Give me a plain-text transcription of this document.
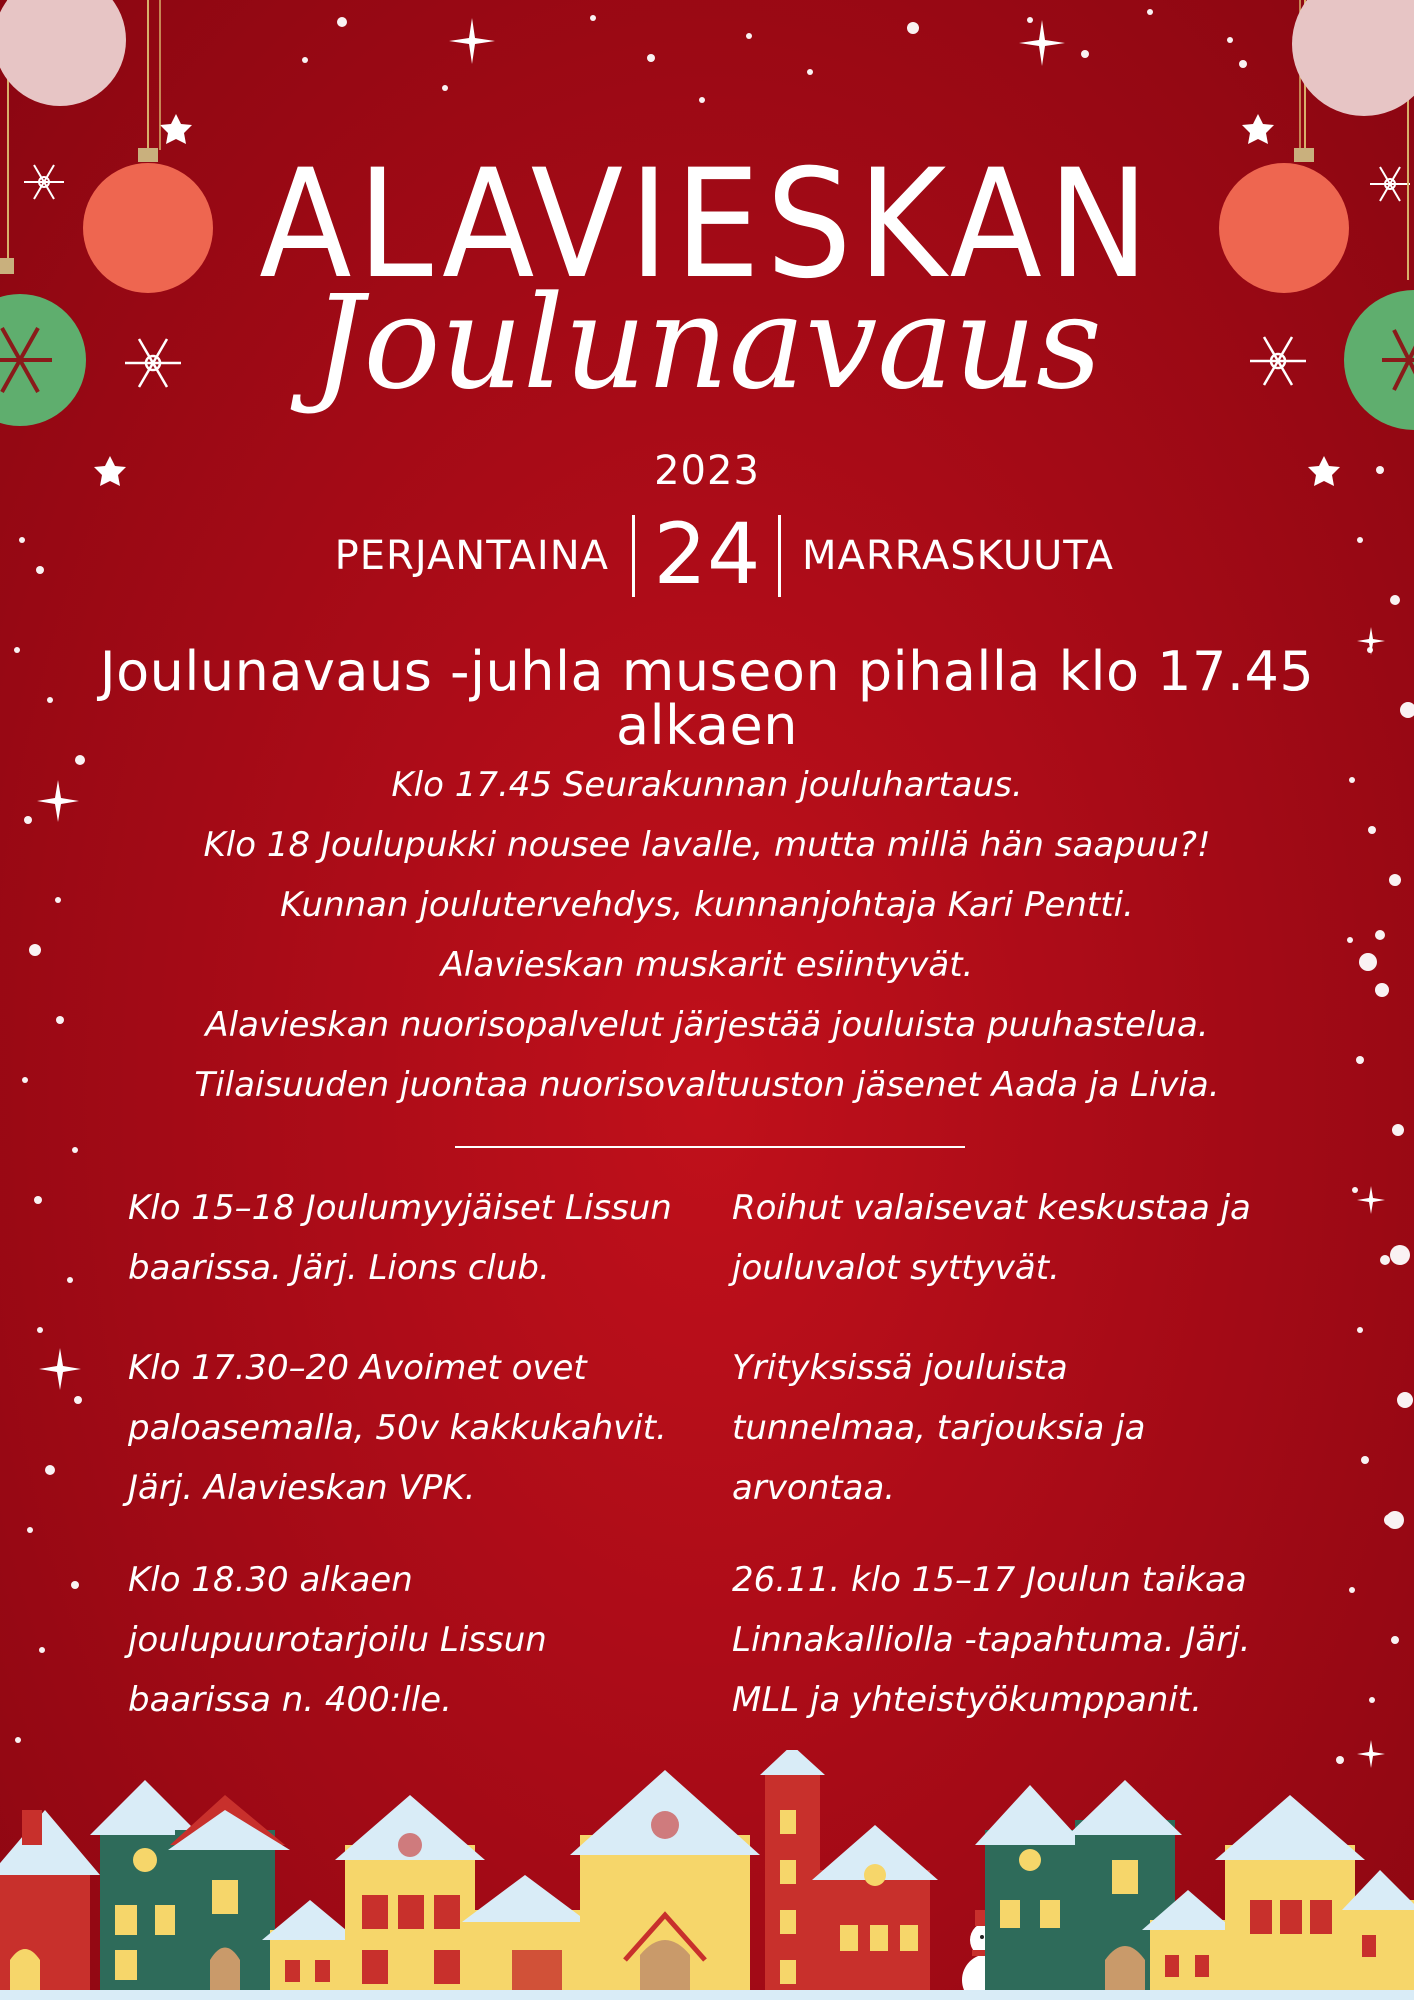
ALAVIESKAN
Joulunavaus
2023
PERJANTAINA 24	MARRASKUUTA
Joulunavaus -juhla museon pihalla klo 17.45 alkaen
Klo 17.45 Seurakunnan jouluhartaus.
Klo 18 Joulupukki nousee lavalle, mutta millä hän saapuu?!
Kunnan joulutervehdys, kunnanjohtaja Kari Pentti.
Alavieskan muskarit esiintyvät.
Alavieskan nuorisopalvelut järjestää jouluista puuhastelua.
Tilaisuuden juontaa nuorisovaltuuston jäsenet Aada ja Livia.
Klo 15–18 Joulumyyjäiset Lissun
baarissa. Järj. Lions club.
Klo 17.30–20 Avoimet ovet
paloasemalla, 50v kakkukahvit.
Järj. Alavieskan VPK.
Klo 18.30 alkaen
joulupuurotarjoilu Lissun
baarissa n. 400:lle.
Roihut valaisevat keskustaa ja
jouluvalot syttyvät.
Yrityksissä jouluista
tunnelmaa, tarjouksia ja
arvontaa.
26.11. klo 15–17 Joulun taikaa
Linnakalliolla -tapahtuma. Järj.
MLL ja yhteistyökumppanit.
